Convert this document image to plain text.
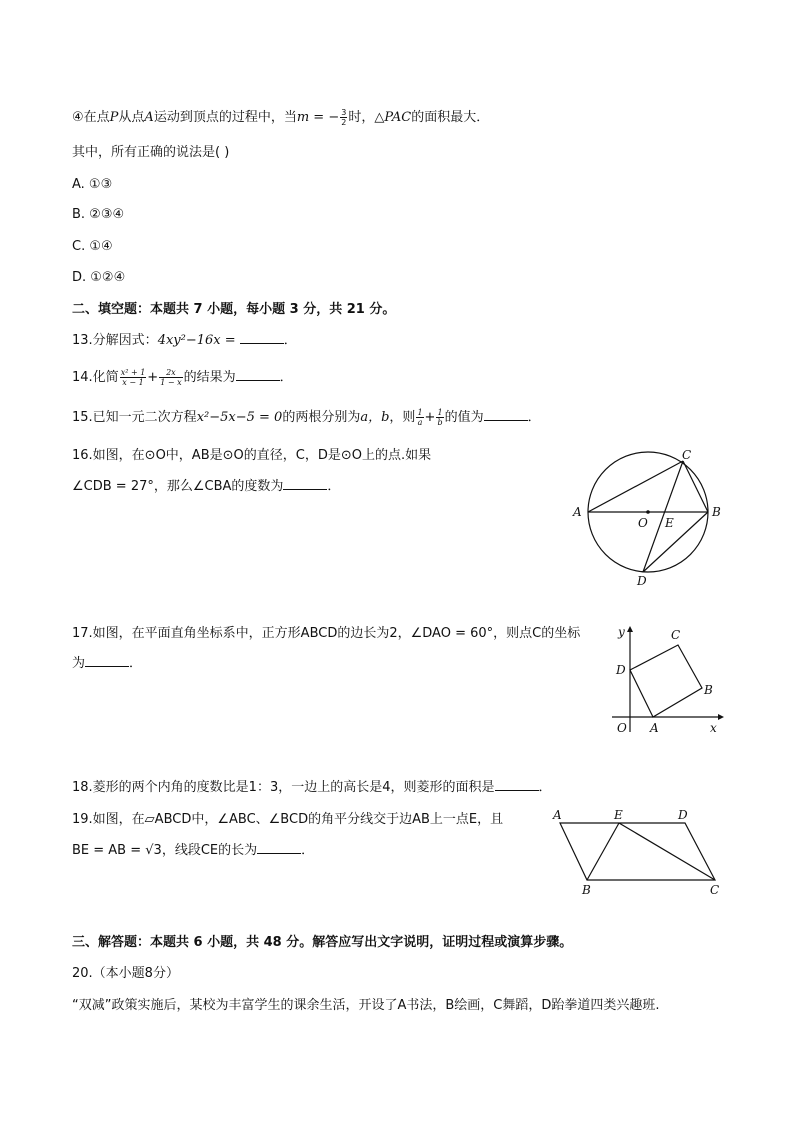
④在点P从点A运动到顶点的过程中，当m = − $\frac{3}{2}$ 时，△PAC的面积最大．
其中，所有正确的说法是( )
A. ①③
B. ②③④
C. ①④
D. ①②④
二、填空题：本题共 7 小题，每小题 3 分，共 21 分。
13.分解因式：4xy²−16x =	．
14.化简 $\frac{\text{x² + 1}}{x - 1} + \frac{2x}{1 - x}$ 的结果为	．
15.已知一元二次方程x²−5x−5 = 0的两根分别为a，b，则 $\frac{1}{a} + \frac{1}{b}$ 的值为	．
16.如图，在⊙O中，AB是⊙O的直径，C，D是⊙O上的点.如果
∠CDB = 27°，那么∠CBA的度数为	．
A	B
C
D
O E
17.如图，在平面直角坐标系中，正方形ABCD的边长为2，∠DAO = 60°，则点C的坐标
为	．
y
x
O A
B
C
D
18.菱形的两个内角的度数比是1：3，一边上的高长是4，则菱形的面积是	．
19.如图，在▱ABCD中，∠ABC、∠BCD的角平分线交于边AB上一点E，且
BE = AB = √3，线段CE的长为	．
A	E	D
B	C
三、解答题：本题共 6 小题，共 48 分。解答应写出文字说明，证明过程或演算步骤。
20.（本小题8分）
“双减”政策实施后，某校为丰富学生的课余生活，开设了A书法，B绘画，C舞蹈，D跆拳道四类兴趣班.
